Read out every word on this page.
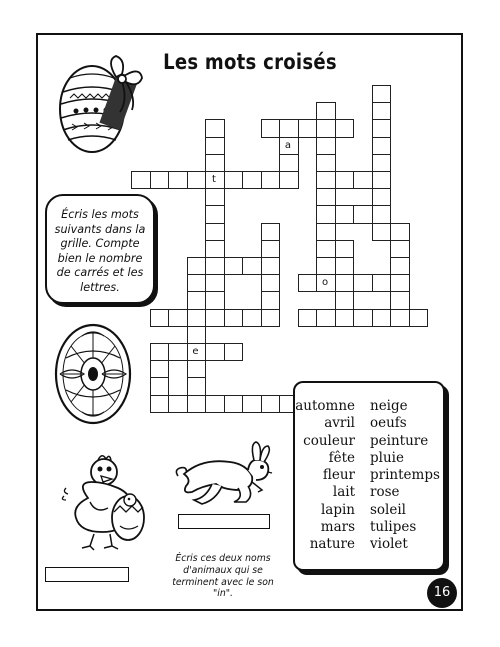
Les mots croisés
Écris les mots suivants dans la grille. Compte bien le nombre de carrés et les lettres.
a
o
t
e
automne
avril
couleur
fête
fleur
lait
lapin
mars
nature
neige
oeufs
peinture
pluie
printemps
rose
soleil
tulipes
violet
Écris ces deux noms d'animaux qui se terminent avec le son "in".	16
